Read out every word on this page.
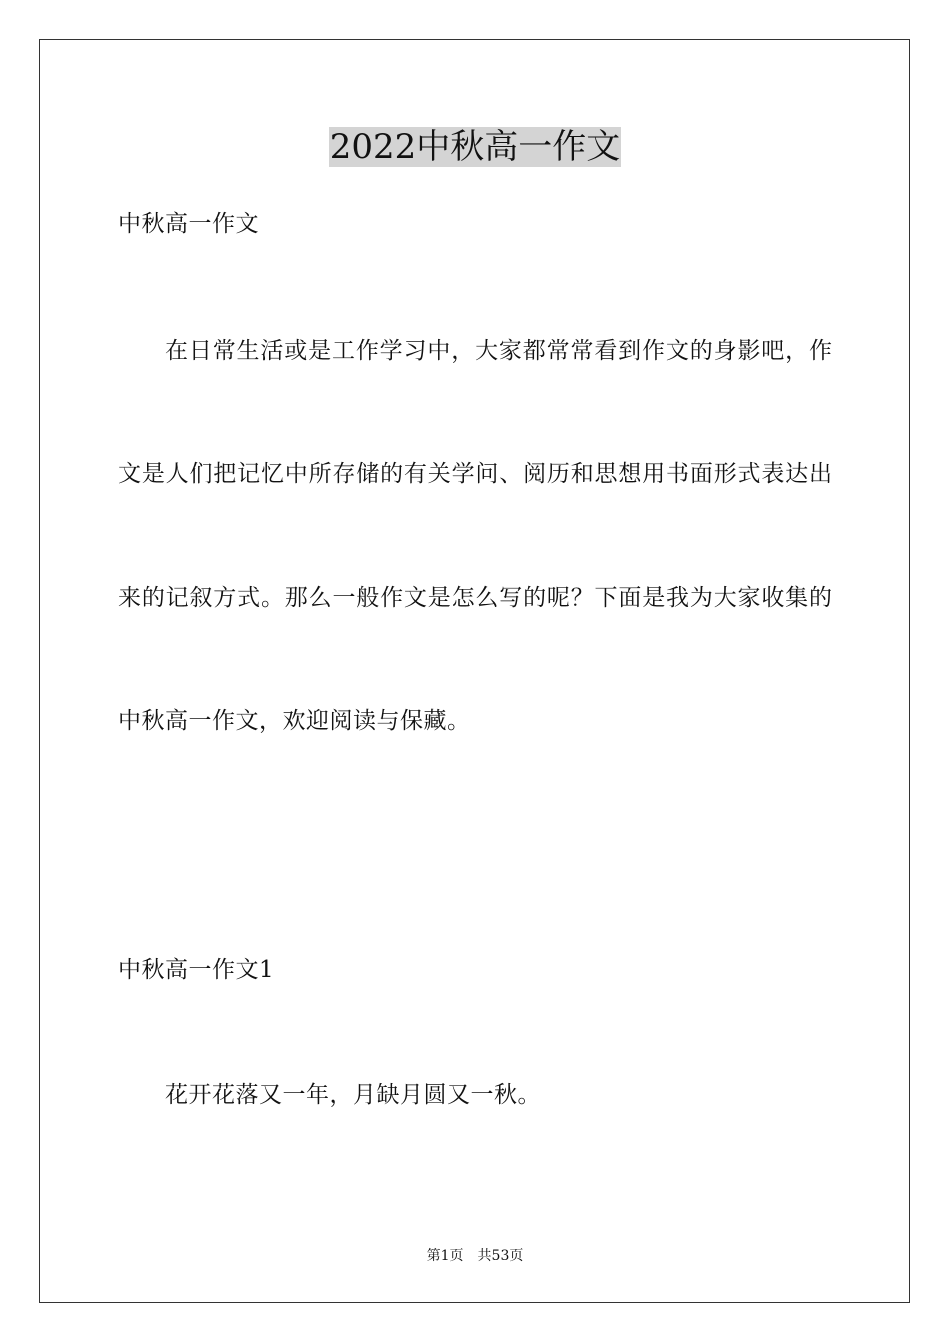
2022中秋高一作文

中秋高一作文

在日常生活或是工作学习中，大家都常常看到作文的身影吧，作

文是人们把记忆中所存储的有关学问、阅历和思想用书面形式表达出

来的记叙方式。那么一般作文是怎么写的呢？下面是我为大家收集的

中秋高一作文，欢迎阅读与保藏。

中秋高一作文1

花开花落又一年，月缺月圆又一秋。

第1页　共53页
